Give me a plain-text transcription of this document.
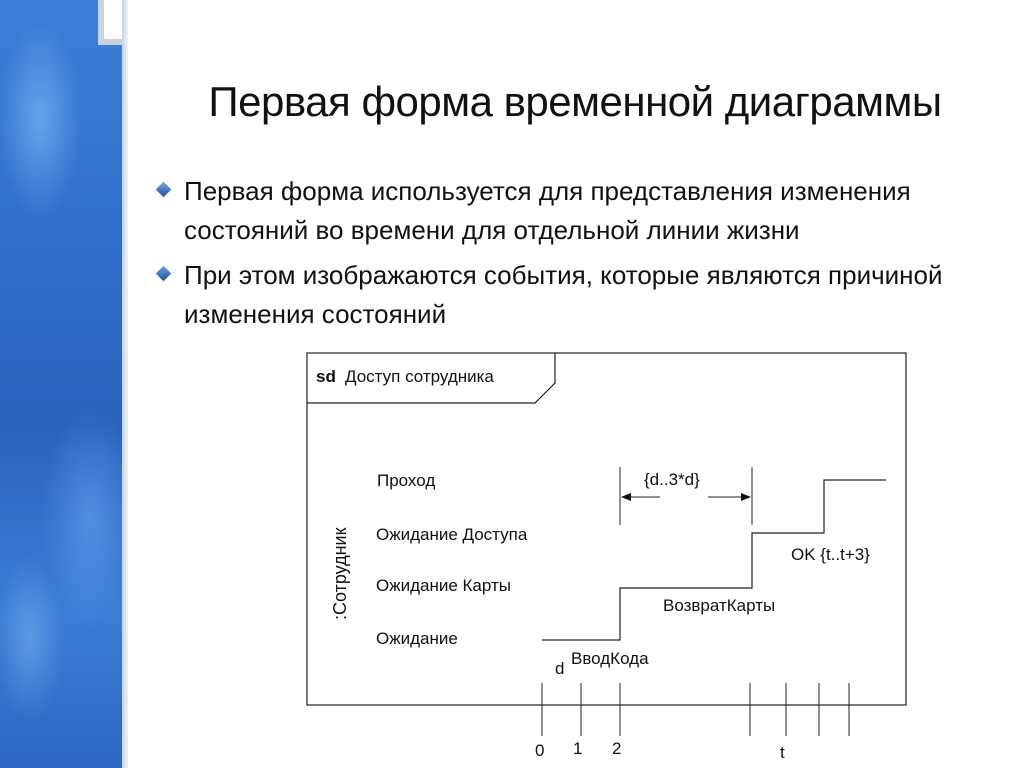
Первая форма временной диаграммы
Первая форма используется для представления изменения состояний во времени для отдельной линии жизни
При этом изображаются события, которые являются причиной изменения состояний
sd Доступ сотрудника
:Сотрудник
Проход
Ожидание Доступа
Ожидание Карты
Ожидание
{d..3*d}
ВводКода
ВозвратКарты
OK {t..t+3}
d
0 1 2	t
